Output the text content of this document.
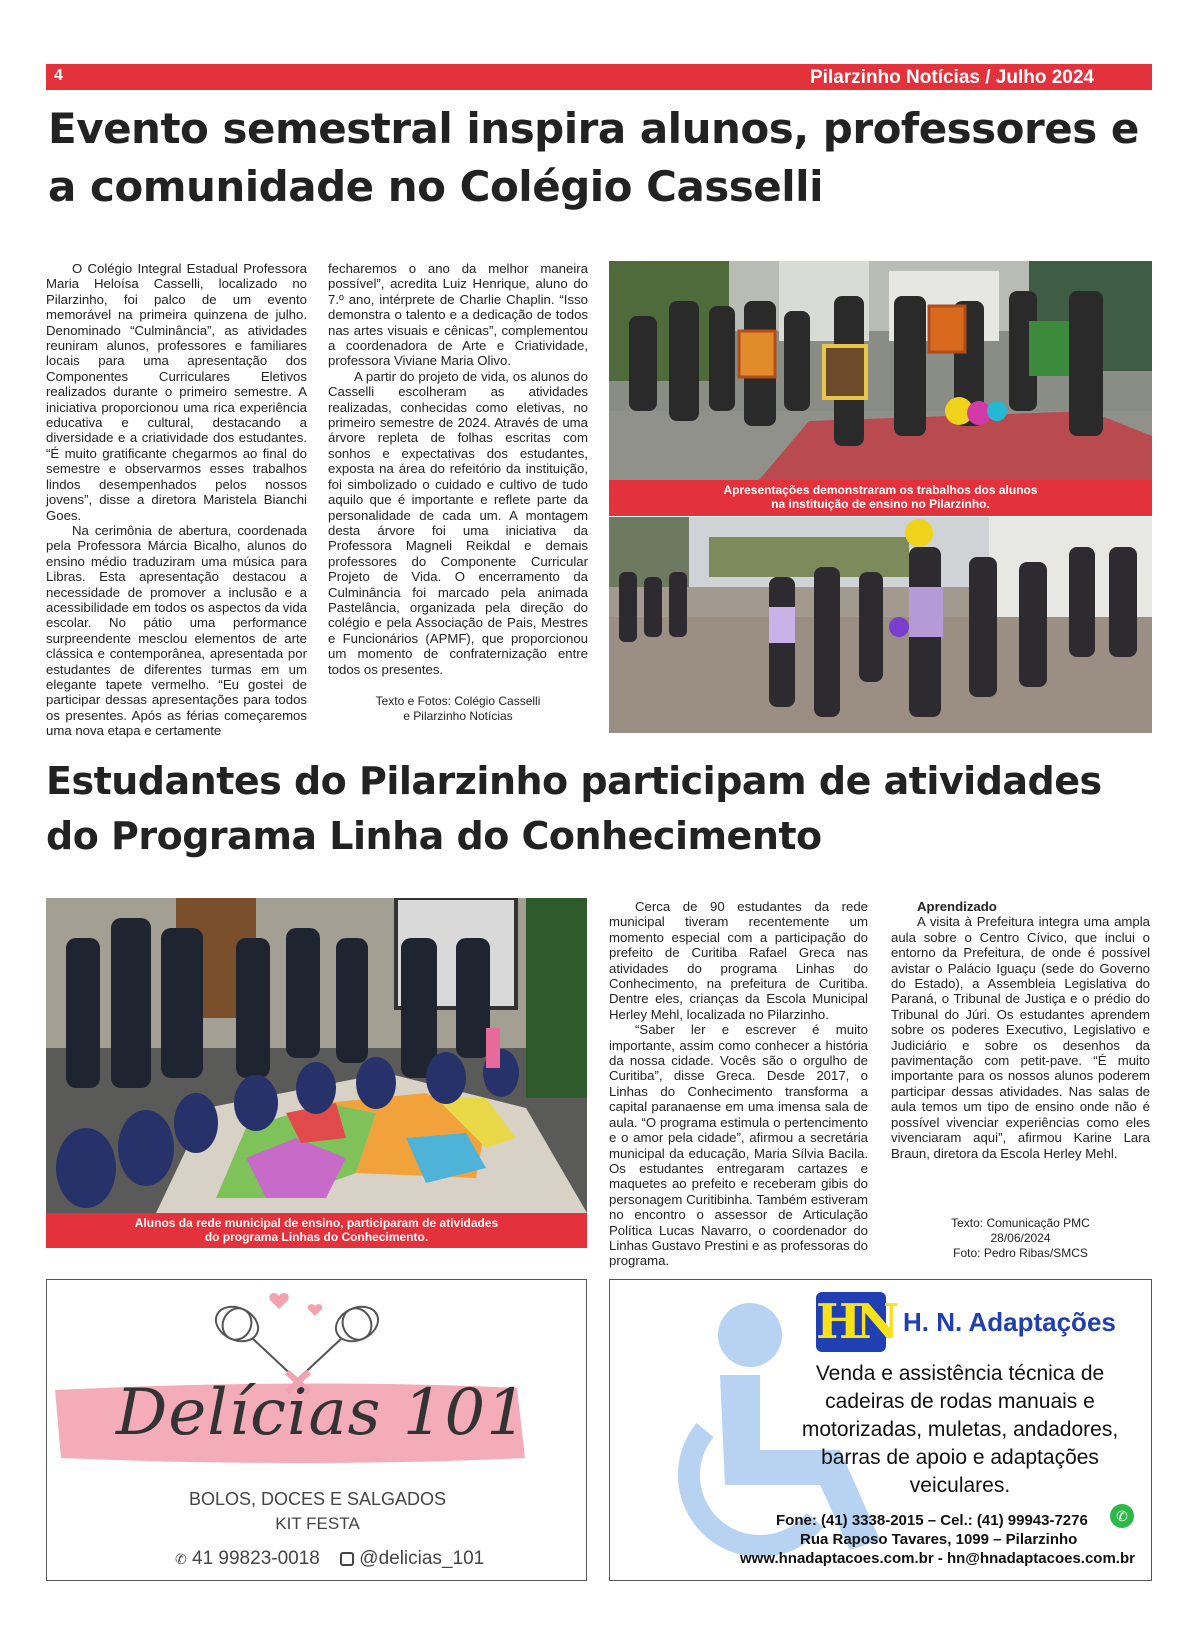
4	Pilarzinho Notícias / Julho 2024
Evento semestral inspira alunos, professores e a comunidade no Colégio Casselli

O Colégio Integral Estadual Professora Maria Heloísa Casselli, localizado no Pilarzinho, foi palco de um evento memorável na primeira quinzena de julho. Denominado “Culminância”, as atividades reuniram alunos, professores e familiares locais para uma apresentação dos Componentes Curriculares Eletivos realizados durante o primeiro semestre. A iniciativa proporcionou uma rica experiência educativa e cultural, destacando a diversidade e a criatividade dos estudantes. “É muito gratificante chegarmos ao final do semestre e observarmos esses trabalhos lindos desempenhados pelos nossos jovens”, disse a diretora Maristela Bianchi Goes.

Na cerimônia de abertura, coordenada pela Professora Márcia Bicalho, alunos do ensino médio traduziram uma música para Libras. Esta apresentação destacou a necessidade de promover a inclusão e a acessibilidade em todos os aspectos da vida escolar. No pátio uma performance surpreendente mesclou elementos de arte clássica e contemporânea, apresentada por estudantes de diferentes turmas em um elegante tapete vermelho. “Eu gostei de participar dessas apresentações para todos os presentes. Após as férias começaremos uma nova etapa e certamente

fecharemos o ano da melhor maneira possível”, acredita Luiz Henrique, aluno do 7.º ano, intérprete de Charlie Chaplin. “Isso demonstra o talento e a dedicação de todos nas artes visuais e cênicas”, complementou a coordenadora de Arte e Criatividade, professora Viviane Maria Olivo.

A partir do projeto de vida, os alunos do Casselli escolheram as atividades realizadas, conhecidas como eletivas, no primeiro semestre de 2024. Através de uma árvore repleta de folhas escritas com sonhos e expectativas dos estudantes, exposta na área do refeitório da instituição, foi simbolizado o cuidado e cultivo de tudo aquilo que é importante e reflete parte da personalidade de cada um. A montagem desta árvore foi uma iniciativa da Professora Magneli Reikdal e demais professores do Componente Curricular Projeto de Vida. O encerramento da Culminância foi marcado pela animada Pastelância, organizada pela direção do colégio e pela Associação de Pais, Mestres e Funcionários (APMF), que proporcionou um momento de confraternização entre todos os presentes.

Texto e Fotos: Colégio Casselli
e Pilarzinho Notícias
Apresentações demonstraram os trabalhos dos alunos
na instituição de ensino no Pilarzinho.
Estudantes do Pilarzinho participam de atividades do Programa Linha do Conhecimento
Alunos da rede municipal de ensino, participaram de atividades
do programa Linhas do Conhecimento.

Cerca de 90 estudantes da rede municipal tiveram recentemente um momento especial com a participação do prefeito de Curitiba Rafael Greca nas atividades do programa Linhas do Conhecimento, na prefeitura de Curitiba. Dentre eles, crianças da Escola Municipal Herley Mehl, localizada no Pilarzinho.

“Saber ler e escrever é muito importante, assim como conhecer a história da nossa cidade. Vocês são o orgulho de Curitiba”, disse Greca. Desde 2017, o Linhas do Conhecimento transforma a capital paranaense em uma imensa sala de aula. “O programa estimula o pertencimento e o amor pela cidade”, afirmou a secretária municipal da educação, Maria Sílvia Bacila. Os estudantes entregaram cartazes e maquetes ao prefeito e receberam gibis do personagem Curitibinha. Também estiveram no encontro o assessor de Articulação Política Lucas Navarro, o coordenador do Linhas Gustavo Prestini e as professoras do programa.

Aprendizado

A visita à Prefeitura integra uma ampla aula sobre o Centro Cívico, que inclui o entorno da Prefeitura, de onde é possível avistar o Palácio Iguaçu (sede do Governo do Estado), a Assembleia Legislativa do Paraná, o Tribunal de Justiça e o prédio do Tribunal do Júri. Os estudantes aprendem sobre os poderes Executivo, Legislativo e Judiciário e sobre os desenhos da pavimentação com petit-pave. “É muito importante para os nossos alunos poderem participar dessas atividades. Nas salas de aula temos um tipo de ensino onde não é possível vivenciar experiências como eles vivenciaram aqui”, afirmou Karine Lara Braun, diretora da Escola Herley Mehl.

Texto: Comunicação PMC
28/06/2024
Foto: Pedro Ribas/SMCS
Delícias 101
BOLOS, DOCES E SALGADOS
KIT FESTA
✆ 41 99823-0018	@delicias_101
HN H. N. Adaptações
Venda e assistência técnica de
cadeiras de rodas manuais e
motorizadas, muletas, andadores,
barras de apoio e adaptações
veiculares.
Fone: (41) 3338-2015 – Cel.: (41) 99943-7276	✆
Rua Raposo Tavares, 1099 – Pilarzinho
www.hnadaptacoes.com.br - hn@hnadaptacoes.com.br
